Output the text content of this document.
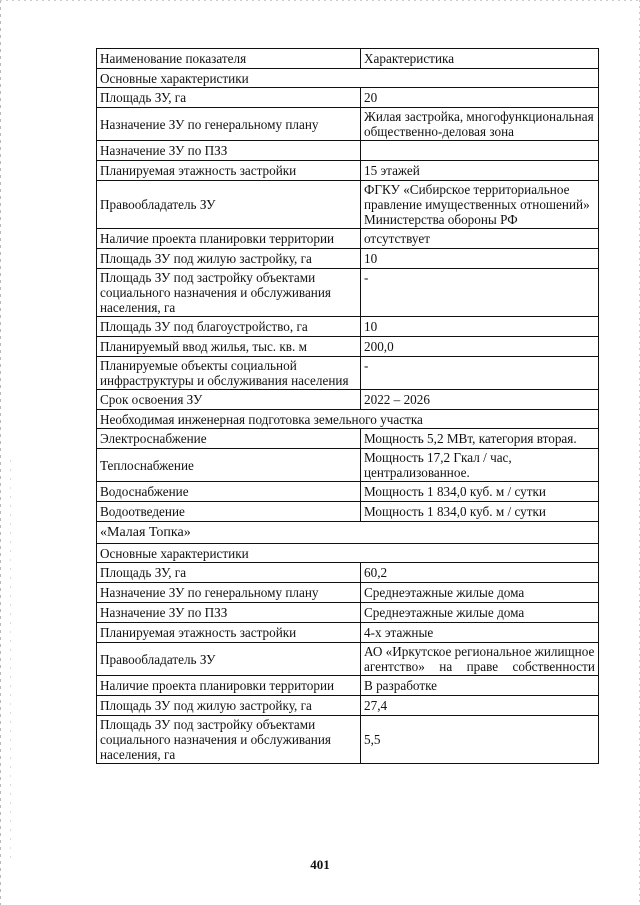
Наименование показателя	Характеристика
Основные характеристики	
Площадь ЗУ, га	20
Назначение ЗУ по генеральному плану	Жилая застройка, многофункциональная общественно-деловая зона
Назначение ЗУ по ПЗЗ	
Планируемая этажность застройки	15 этажей
Правообладатель ЗУ	ФГКУ «Сибирское территориальное правление имущественных отношений» Министерства обороны РФ
Наличие проекта планировки территории	отсутствует
Площадь ЗУ под жилую застройку, га	10
Площадь ЗУ под застройку объектами социального назначения и обслуживания населения, га	-
Площадь ЗУ под благоустройство, га	10
Планируемый ввод жилья, тыс. кв. м	200,0
Планируемые объекты социальной инфраструктуры и обслуживания населения	-
Срок освоения ЗУ	2022 – 2026
Необходимая инженерная подготовка земельного участка	
Электроснабжение	Мощность 5,2 МВт, категория вторая.
Теплоснабжение	Мощность 17,2 Гкал / час, централизованное.
Водоснабжение	Мощность 1 834,0 куб. м / сутки
Водоотведение	Мощность 1 834,0 куб. м / сутки
«Малая Топка»	
Основные характеристики	
Площадь ЗУ, га	60,2
Назначение ЗУ по генеральному плану	Среднеэтажные жилые дома
Назначение ЗУ по ПЗЗ	Среднеэтажные жилые дома
Планируемая этажность застройки	4-х этажные
Правообладатель ЗУ	АО «Иркутское региональное жилищное агентство» на праве собственности
Наличие проекта планировки территории	В разработке
Площадь ЗУ под жилую застройку, га	27,4
Площадь ЗУ под застройку объектами социального назначения и обслуживания населения, га	5,5
401
